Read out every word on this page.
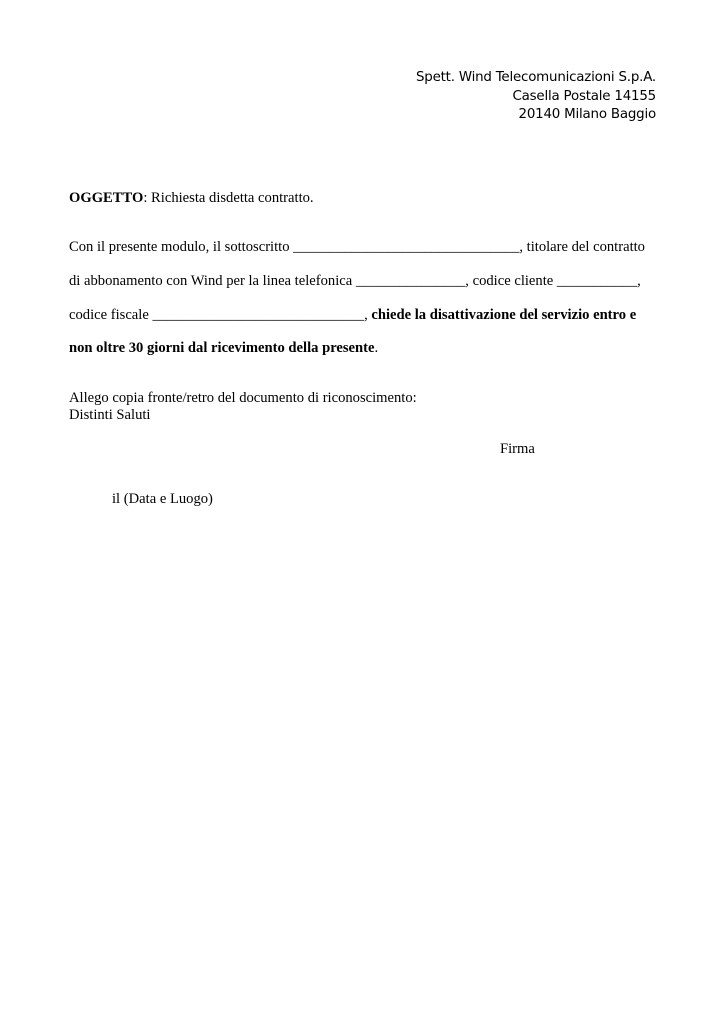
Spett. Wind Telecomunicazioni S.p.A.
Casella Postale 14155
20140 Milano Baggio
OGGETTO: Richiesta disdetta contratto.
Con il presente modulo, il sottoscritto _______________________________, titolare del contratto
di abbonamento con Wind per la linea telefonica _______________, codice cliente ___________,
codice fiscale _____________________________, chiede la disattivazione del servizio entro e
non oltre 30 giorni dal ricevimento della presente.
Allego copia fronte/retro del documento di riconoscimento:
Distinti Saluti
Firma
il (Data e Luogo)
